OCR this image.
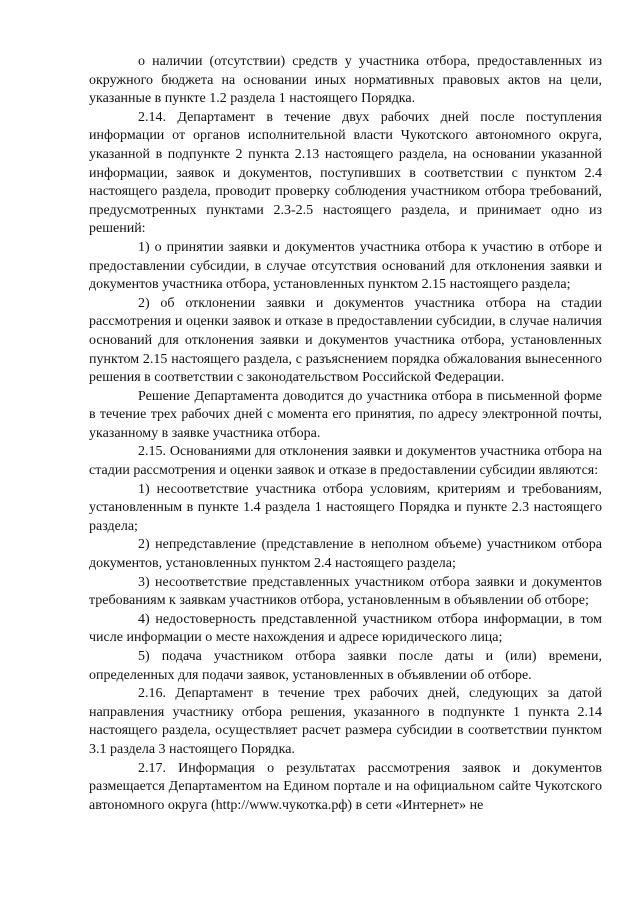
о наличии (отсутствии) средств у участника отбора, предоставленных из окружного бюджета на основании иных нормативных правовых актов на цели, указанные в пункте 1.2 раздела 1 настоящего Порядка.

2.14. Департамент в течение двух рабочих дней после поступления информации от органов исполнительной власти Чукотского автономного округа, указанной в подпункте 2 пункта 2.13 настоящего раздела, на основании указанной информации, заявок и документов, поступивших в соответствии с пунктом 2.4 настоящего раздела, проводит проверку соблюдения участником отбора требований, предусмотренных пунктами 2.3-2.5 настоящего раздела, и принимает одно из решений:

1) о принятии заявки и документов участника отбора к участию в отборе и предоставлении субсидии, в случае отсутствия оснований для отклонения заявки и документов участника отбора, установленных пунктом 2.15 настоящего раздела;

2) об отклонении заявки и документов участника отбора на стадии рассмотрения и оценки заявок и отказе в предоставлении субсидии, в случае наличия оснований для отклонения заявки и документов участника отбора, установленных пунктом 2.15 настоящего раздела, с разъяснением порядка обжалования вынесенного решения в соответствии с законодательством Российской Федерации.

Решение Департамента доводится до участника отбора в письменной форме в течение трех рабочих дней с момента его принятия, по адресу электронной почты, указанному в заявке участника отбора.

2.15. Основаниями для отклонения заявки и документов участника отбора на стадии рассмотрения и оценки заявок и отказе в предоставлении субсидии являются:

1) несоответствие участника отбора условиям, критериям и требованиям, установленным в пункте 1.4 раздела 1 настоящего Порядка и пункте 2.3 настоящего раздела;

2) непредставление (представление в неполном объеме) участником отбора документов, установленных пунктом 2.4 настоящего раздела;

3) несоответствие представленных участником отбора заявки и документов требованиям к заявкам участников отбора, установленным в объявлении об отборе;

4) недостоверность представленной участником отбора информации, в том числе информации о месте нахождения и адресе юридического лица;

5) подача участником отбора заявки после даты и (или) времени, определенных для подачи заявок, установленных в объявлении об отборе.

2.16. Департамент в течение трех рабочих дней, следующих за датой направления участнику отбора решения, указанного в подпункте 1 пункта 2.14 настоящего раздела, осуществляет расчет размера субсидии в соответствии пунктом 3.1 раздела 3 настоящего Порядка.

2.17. Информация о результатах рассмотрения заявок и документов размещается Департаментом на Едином портале и на официальном сайте Чукотского автономного округа (http://www.чукотка.рф) в сети «Интернет» не
